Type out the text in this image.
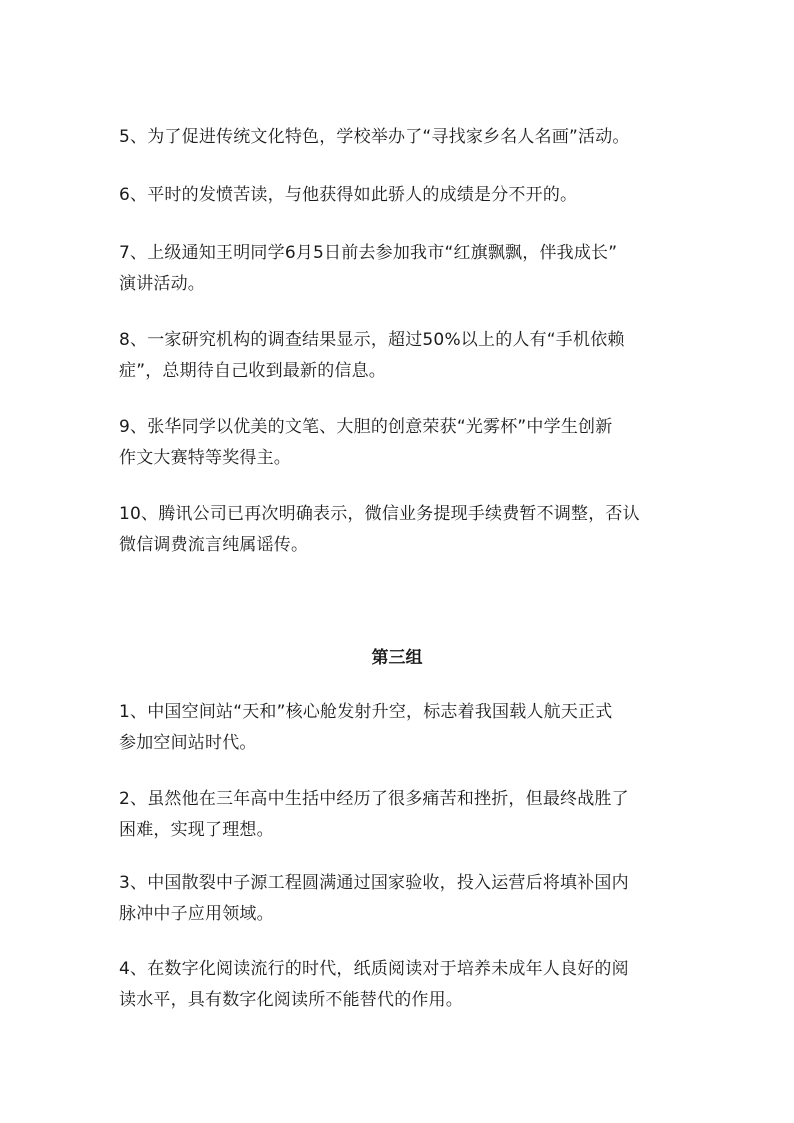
5、为了促进传统文化特色，学校举办了“寻找家乡名人名画”活动。

6、平时的发愤苦读，与他获得如此骄人的成绩是分不开的。

7、上级通知王明同学6月5日前去参加我市“红旗飘飘，伴我成长”
演讲活动。

8、一家研究机构的调查结果显示，超过50%以上的人有“手机依赖
症”，总期待自己收到最新的信息。

9、张华同学以优美的文笔、大胆的创意荣获“光雾杯”中学生创新
作文大赛特等奖得主。

10、腾讯公司已再次明确表示，微信业务提现手续费暂不调整，否认
微信调费流言纯属谣传。

第三组

1、中国空间站“天和”核心舱发射升空，标志着我国载人航天正式
参加空间站时代。

2、虽然他在三年高中生括中经历了很多痛苦和挫折，但最终战胜了
困难，实现了理想。

3、中国散裂中子源工程圆满通过国家验收，投入运营后将填补国内
脉冲中子应用领域。

4、在数字化阅读流行的时代，纸质阅读对于培养未成年人良好的阅
读水平，具有数字化阅读所不能替代的作用。
